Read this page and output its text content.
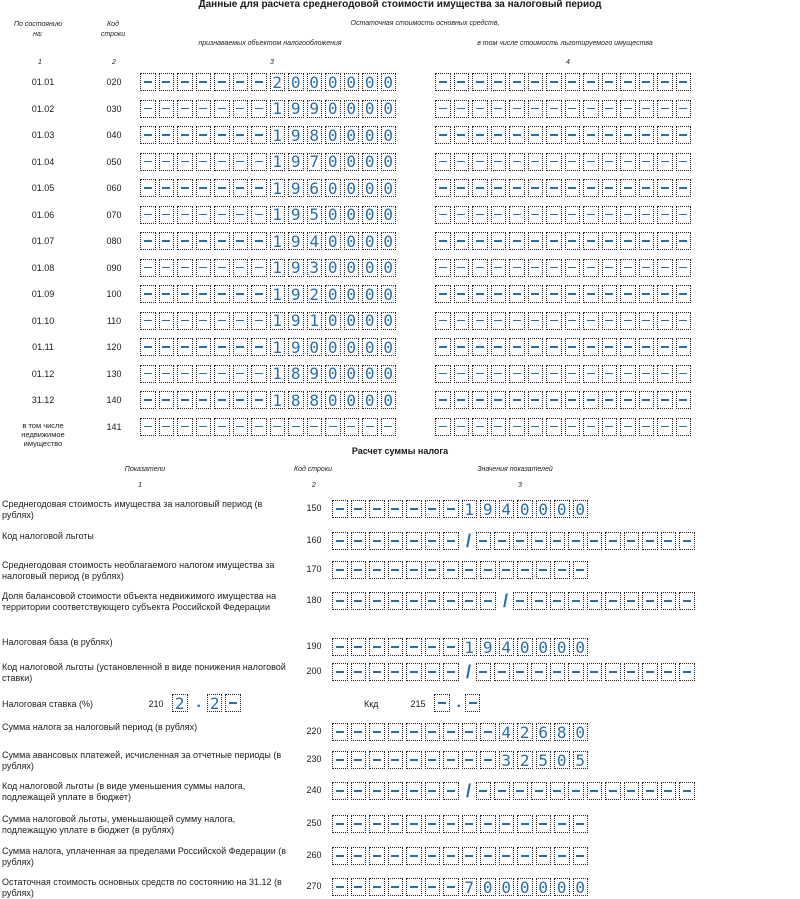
Данные для расчета среднегодовой стоимости имущества за налоговый период
По состоянию на:
Код строки
Остаточная стоимость основных средств,
признаваемых объектом налогообложения	в том числе стоимость льготируемого имущества
1	2	3	4
01.01	020	2 0 0 0 0 0 0
01.02	030	1 9 9 0 0 0 0
01.03	040	1 9 8 0 0 0 0
01.04	050	1 9 7 0 0 0 0
01.05	060	1 9 6 0 0 0 0
01.06	070	1 9 5 0 0 0 0
01.07	080	1 9 4 0 0 0 0
01.08	090	1 9 3 0 0 0 0
01.09	100	1 9 2 0 0 0 0
01.10	110	1 9 1 0 0 0 0
01.11	120	1 9 0 0 0 0 0
01.12	130	1 8 9 0 0 0 0
31.12	140	1 8 8 0 0 0 0
в том числе недвижимое имущество
141
Расчет суммы налога
Показатели	Код строки	Значения показателей
1	2	3
Среднегодовая стоимость имущества за налоговый период (в рублях)
150	1 9 4 0 0 0 0
Код налоговой льготы	160	/
Среднегодовая стоимость необлагаемого налогом имущества за налоговый период (в рублях)
170
Доля балансовой стоимости объекта недвижимого имущества на территории соответствующего субъекта Российской Федерации
180	/
Налоговая база (в рублях)	190	1 9 4 0 0 0 0
Код налоговой льготы (установленной в виде понижения налоговой ставки)
200	/
Сумма налога за налоговый период (в рублях)	220	4 2 6 8 0
Сумма авансовых платежей, исчисленная за отчетные периоды (в рублях)
230	3 2 5 0 5
Код налоговой льготы (в виде уменьшения суммы налога, подлежащей уплате в бюджет)
240	/
Сумма налоговой льготы, уменьшающей сумму налога, подлежащую уплате в бюджет (в рублях)
250
Сумма налога, уплаченная за пределами Российской Федерации (в рублях)
260
Остаточная стоимость основных средств по состоянию на 31.12 (в рублях)
270	7 0 0 0 0 0 0
Налоговая ставка (%)	210 2 . 2	Ккд	215	.
